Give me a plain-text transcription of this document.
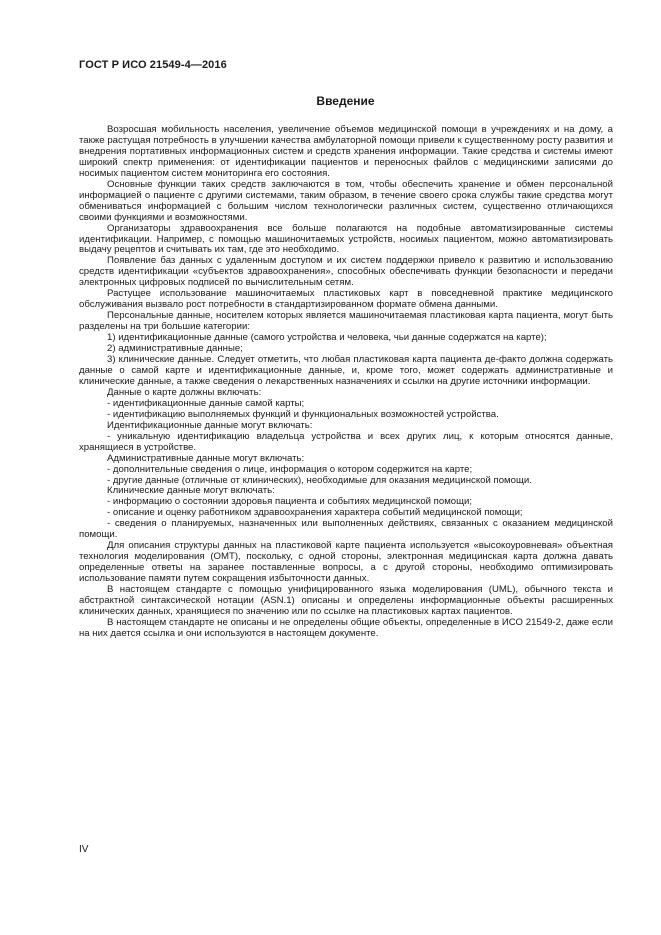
ГОСТ Р ИСО 21549-4—2016
Введение

Возросшая мобильность населения, увеличение объемов медицинской помощи в учреждениях и на дому, а также растущая потребность в улучшении качества амбулаторной помощи привели к существенному росту развития и внедрения портативных информационных систем и средств хранения информации. Такие средства и системы имеют широкий спектр применения: от идентификации пациентов и переносных файлов с медицинскими записями до носимых пациентом систем мониторинга его состояния.

Основные функции таких средств заключаются в том, чтобы обеспечить хранение и обмен персональной информацией о пациенте с другими системами, таким образом, в течение своего срока службы такие средства могут обмениваться информацией с большим числом технологически различных систем, существенно отличающихся своими функциями и возможностями.

Организаторы здравоохранения все больше полагаются на подобные автоматизированные системы идентификации. Например, с помощью машиночитаемых устройств, носимых пациентом, можно автоматизировать выдачу рецептов и считывать их там, где это необходимо.

Появление баз данных с удаленным доступом и их систем поддержки привело к развитию и использованию средств идентификации «субъектов здравоохранения», способных обеспечивать функции безопасности и передачи электронных цифровых подписей по вычислительным сетям.

Растущее использование машиночитаемых пластиковых карт в повседневной практике медицинского обслуживания вызвало рост потребности в стандартизированном формате обмена данными.

Персональные данные, носителем которых является машиночитаемая пластиковая карта пациента, могут быть разделены на три большие категории:

1) идентификационные данные (самого устройства и человека, чьи данные содержатся на карте);

2) административные данные;

3) клинические данные. Следует отметить, что любая пластиковая карта пациента де-факто должна содержать данные о самой карте и идентификационные данные, и, кроме того, может содержать административные и клинические данные, а также сведения о лекарственных назначениях и ссылки на другие источники информации.

Данные о карте должны включать:

- идентификационные данные самой карты;

- идентификацию выполняемых функций и функциональных возможностей устройства.

Идентификационные данные могут включать:

- уникальную идентификацию владельца устройства и всех других лиц, к которым относятся данные, хранящиеся в устройстве.

Административные данные могут включать:

- дополнительные сведения о лице, информация о котором содержится на карте;

- другие данные (отличные от клинических), необходимые для оказания медицинской помощи.

Клинические данные могут включать:

- информацию о состоянии здоровья пациента и событиях медицинской помощи;

- описание и оценку работником здравоохранения характера событий медицинской помощи;

- сведения о планируемых, назначенных или выполненных действиях, связанных с оказанием медицинской помощи.

Для описания структуры данных на пластиковой карте пациента используется «высокоуровневая» объектная технология моделирования (ОМТ), поскольку, с одной стороны, электронная медицинская карта должна давать определенные ответы на заранее поставленные вопросы, а с другой стороны, необходимо оптимизировать использование памяти путем сокращения избыточности данных.

В настоящем стандарте с помощью унифицированного языка моделирования (UML), обычного текста и абстрактной синтаксической нотации (ASN.1) описаны и определены информационные объекты расширенных клинических данных, хранящиеся по значению или по ссылке на пластиковых картах пациентов.

В настоящем стандарте не описаны и не определены общие объекты, определенные в ИСО 21549-2, даже если на них дается ссылка и они используются в настоящем документе.

IV
